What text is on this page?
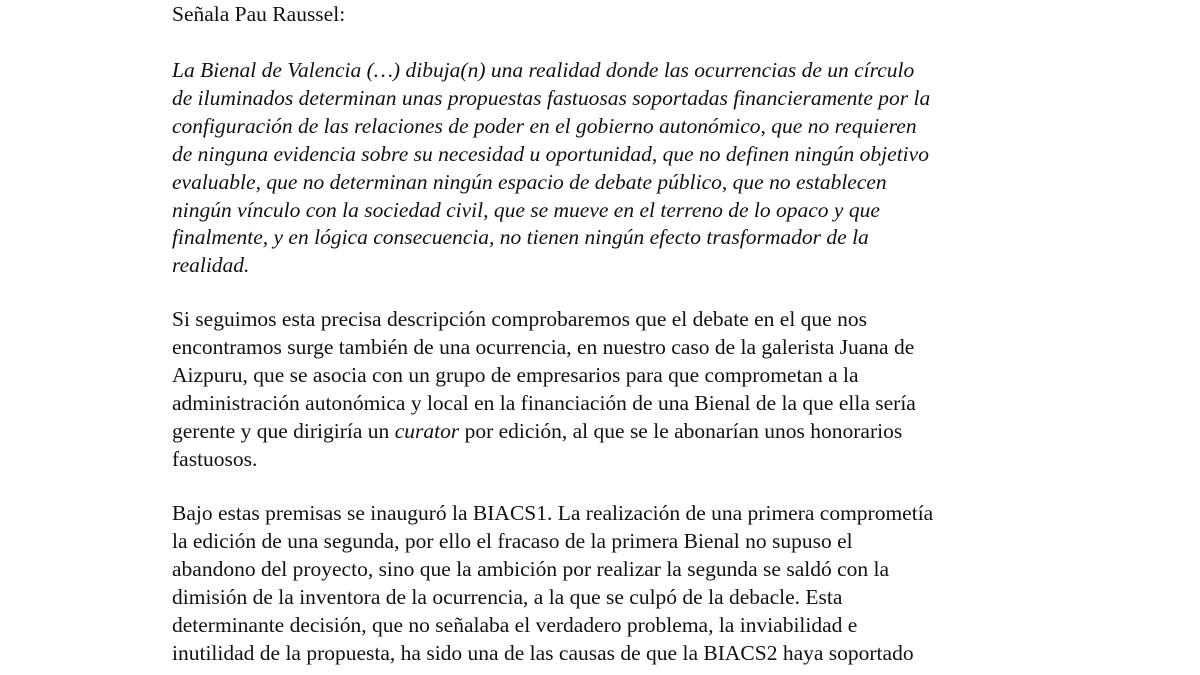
Señala Pau Raussel:

La Bienal de Valencia (…) dibuja(n) una realidad donde las ocurrencias de un círculo
de iluminados determinan unas propuestas fastuosas soportadas financieramente por la
configuración de las relaciones de poder en el gobierno autonómico, que no requieren
de ninguna evidencia sobre su necesidad u oportunidad, que no definen ningún objetivo
evaluable, que no determinan ningún espacio de debate público, que no establecen
ningún vínculo con la sociedad civil, que se mueve en el terreno de lo opaco y que
finalmente, y en lógica consecuencia, no tienen ningún efecto trasformador de la
realidad.

Si seguimos esta precisa descripción comprobaremos que el debate en el que nos
encontramos surge también de una ocurrencia, en nuestro caso de la galerista Juana de
Aizpuru, que se asocia con un grupo de empresarios para que comprometan a la
administración autonómica y local en la financiación de una Bienal de la que ella sería
gerente y que dirigiría un curator por edición, al que se le abonarían unos honorarios
fastuosos.

Bajo estas premisas se inauguró la BIACS1. La realización de una primera comprometía
la edición de una segunda, por ello el fracaso de la primera Bienal no supuso el
abandono del proyecto, sino que la ambición por realizar la segunda se saldó con la
dimisión de la inventora de la ocurrencia, a la que se culpó de la debacle. Esta
determinante decisión, que no señalaba el verdadero problema, la inviabilidad e
inutilidad de la propuesta, ha sido una de las causas de que la BIACS2 haya soportado
